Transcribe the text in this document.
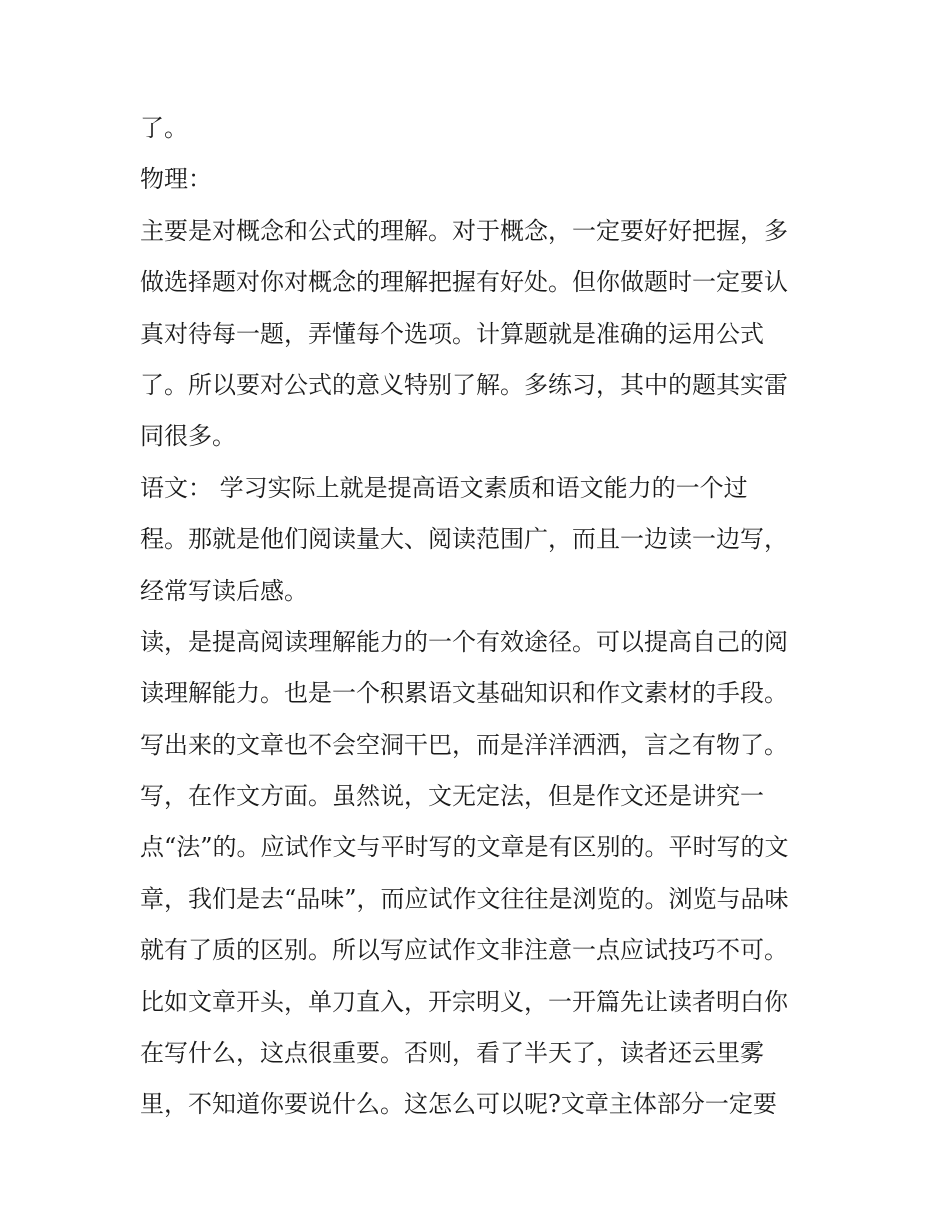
了。
物理：
主要是对概念和公式的理解。对于概念，一定要好好把握，多
做选择题对你对概念的理解把握有好处。但你做题时一定要认
真对待每一题，弄懂每个选项。计算题就是准确的运用公式
了。所以要对公式的意义特别了解。多练习，其中的题其实雷
同很多。
语文： 学习实际上就是提高语文素质和语文能力的一个过
程。那就是他们阅读量大、阅读范围广，而且一边读一边写，
经常写读后感。
读，是提高阅读理解能力的一个有效途径。可以提高自己的阅
读理解能力。也是一个积累语文基础知识和作文素材的手段。
写出来的文章也不会空洞干巴，而是洋洋洒洒，言之有物了。
写，在作文方面。虽然说，文无定法，但是作文还是讲究一
点“法”的。应试作文与平时写的文章是有区别的。平时写的文
章，我们是去“品味”，而应试作文往往是浏览的。浏览与品味
就有了质的区别。所以写应试作文非注意一点应试技巧不可。
比如文章开头，单刀直入，开宗明义，一开篇先让读者明白你
在写什么，这点很重要。否则，看了半天了，读者还云里雾
里，不知道你要说什么。这怎么可以呢?文章主体部分一定要
